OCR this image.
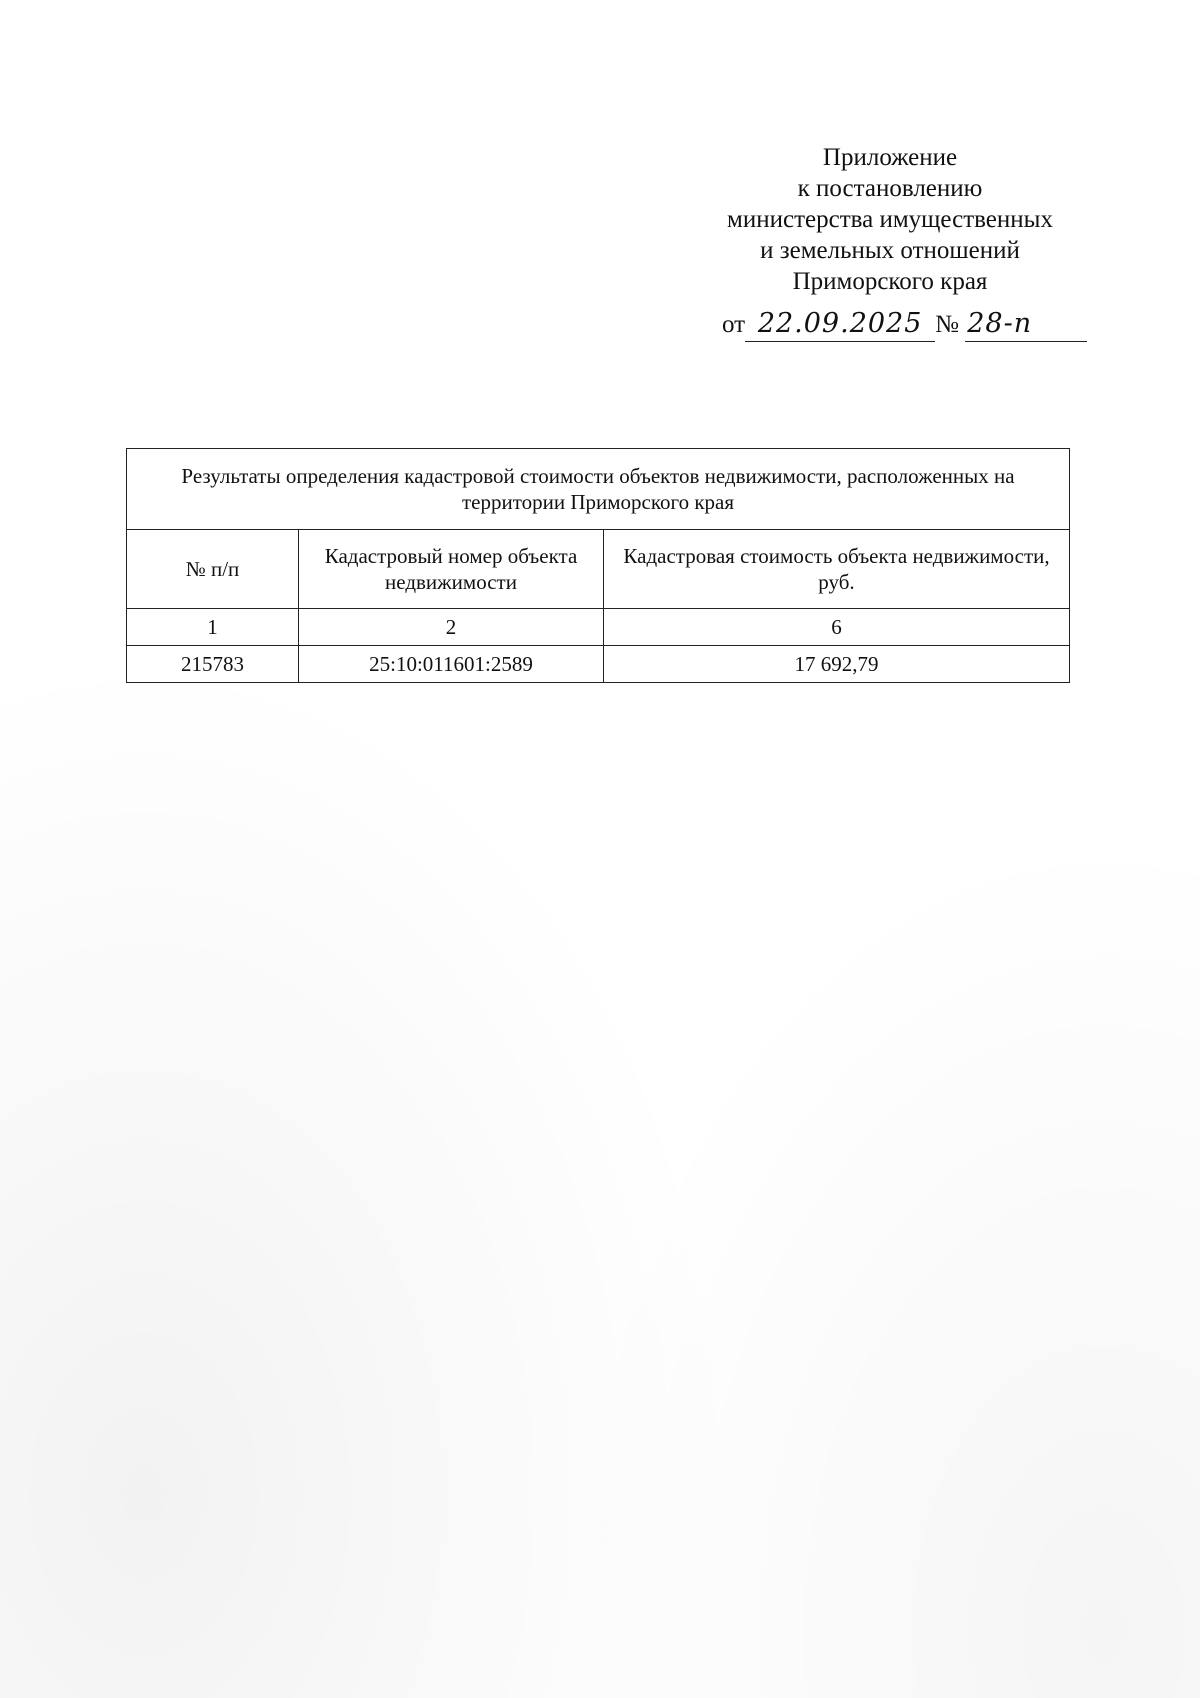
Приложение
к постановлению
министерства имущественных
и земельных отношений
Приморского края
от 22.09.2025 № 28-п
Результаты определения кадастровой стоимости объектов недвижимости, расположенных на территории Приморского края		
№ п/п	Кадастровый номер объекта недвижимости	Кадастровая стоимость объекта недвижимости, руб.
1	2	6
215783	25:10:011601:2589	17 692,79
